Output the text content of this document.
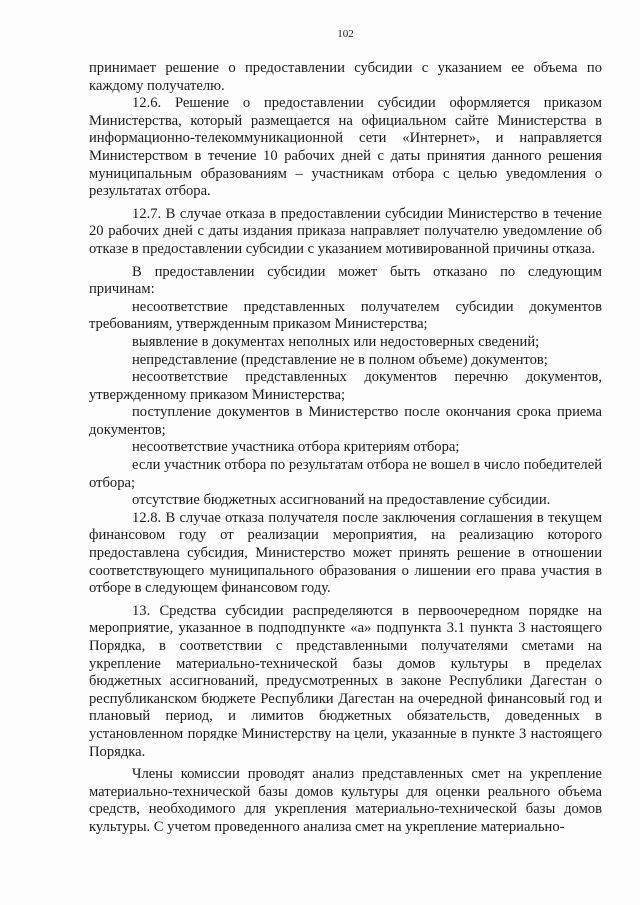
102

принимает решение о предоставлении субсидии с указанием ее объема по каждому получателю.

12.6. Решение о предоставлении субсидии оформляется приказом Министерства, который размещается на официальном сайте Министерства в информационно-телекоммуникационной сети «Интернет», и направляется Министерством в течение 10 рабочих дней с даты принятия данного решения муниципальным образованиям – участникам отбора с целью уведомления о результатах отбора.

12.7. В случае отказа в предоставлении субсидии Министерство в течение 20 рабочих дней с даты издания приказа направляет получателю уведомление об отказе в предоставлении субсидии с указанием мотивированной причины отказа.

В предоставлении субсидии может быть отказано по следующим причинам:

несоответствие представленных получателем субсидии документов требованиям, утвержденным приказом Министерства;

выявление в документах неполных или недостоверных сведений;

непредставление (представление не в полном объеме) документов;

несоответствие представленных документов перечню документов, утвержденному приказом Министерства;

поступление документов в Министерство после окончания срока приема документов;

несоответствие участника отбора критериям отбора;

если участник отбора по результатам отбора не вошел в число победителей отбора;

отсутствие бюджетных ассигнований на предоставление субсидии.

12.8. В случае отказа получателя после заключения соглашения в текущем финансовом году от реализации мероприятия, на реализацию которого предоставлена субсидия, Министерство может принять решение в отношении соответствующего муниципального образования о лишении его права участия в отборе в следующем финансовом году.

13. Средства субсидии распределяются в первоочередном порядке на мероприятие, указанное в подподпункте «а» подпункта 3.1 пункта 3 настоящего Порядка, в соответствии с представленными получателями сметами на укрепление материально-технической базы домов культуры в пределах бюджетных ассигнований, предусмотренных в законе Республики Дагестан о республиканском бюджете Республики Дагестан на очередной финансовый год и плановый период, и лимитов бюджетных обязательств, доведенных в установленном порядке Министерству на цели, указанные в пункте 3 настоящего Порядка.

Члены комиссии проводят анализ представленных смет на укрепление материально-технической базы домов культуры для оценки реального объема средств, необходимого для укрепления материально-технической базы домов культуры. С учетом проведенного анализа смет на укрепление материально-
